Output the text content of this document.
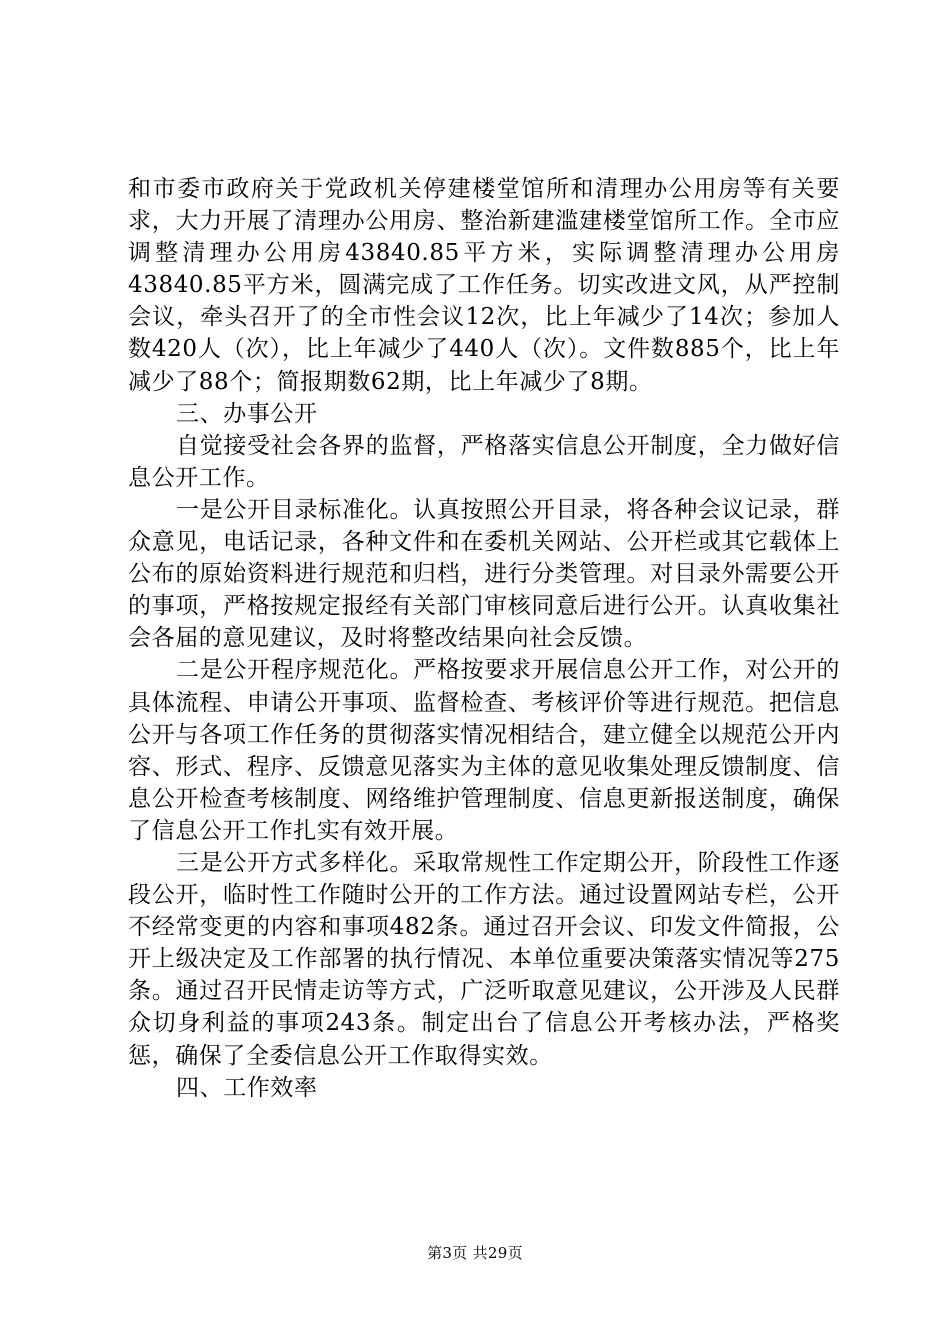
和市委市政府关于党政机关停建楼堂馆所和清理办公用房等有关要求，大力开展了清理办公用房、整治新建滥建楼堂馆所工作。全市应调整清理办公用房43840.85平方米，实际调整清理办公用房43840.85平方米，圆满完成了工作任务。切实改进文风，从严控制会议，牵头召开了的全市性会议12次，比上年减少了14次；参加人数420人（次），比上年减少了440人（次）。文件数885个，比上年减少了88个；简报期数62期，比上年减少了8期。

三、办事公开

自觉接受社会各界的监督，严格落实信息公开制度，全力做好信息公开工作。

一是公开目录标准化。认真按照公开目录，将各种会议记录，群众意见，电话记录，各种文件和在委机关网站、公开栏或其它载体上公布的原始资料进行规范和归档，进行分类管理。对目录外需要公开的事项，严格按规定报经有关部门审核同意后进行公开。认真收集社会各届的意见建议，及时将整改结果向社会反馈。

二是公开程序规范化。严格按要求开展信息公开工作，对公开的具体流程、申请公开事项、监督检查、考核评价等进行规范。把信息公开与各项工作任务的贯彻落实情况相结合，建立健全以规范公开内容、形式、程序、反馈意见落实为主体的意见收集处理反馈制度、信息公开检查考核制度、网络维护管理制度、信息更新报送制度，确保了信息公开工作扎实有效开展。

三是公开方式多样化。采取常规性工作定期公开，阶段性工作逐段公开，临时性工作随时公开的工作方法。通过设置网站专栏，公开不经常变更的内容和事项482条。通过召开会议、印发文件简报，公开上级决定及工作部署的执行情况、本单位重要决策落实情况等275条。通过召开民情走访等方式，广泛听取意见建议，公开涉及人民群众切身利益的事项243条。制定出台了信息公开考核办法，严格奖惩，确保了全委信息公开工作取得实效。

四、工作效率

第3页 共29页
